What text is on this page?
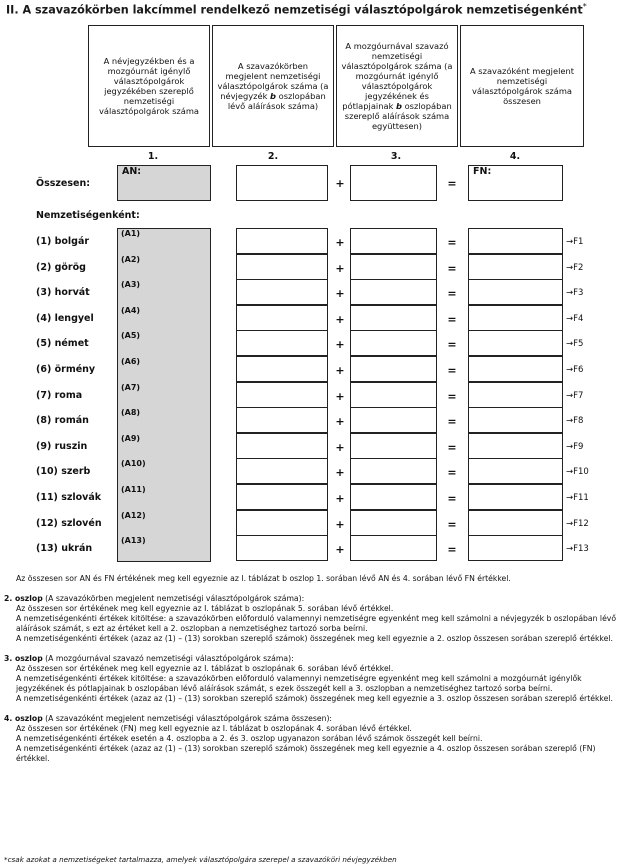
II. A szavazókörben lakcímmel rendelkező nemzetiségi választópolgárok nemzetiségenként*
A névjegyzékben és a mozgóurnát igénylő választópolgárok jegyzékében szereplő nemzetiségi választópolgárok száma
A szavazókörben megjelent nemzetiségi választópolgárok száma (a névjegyzék b oszlopában lévő aláírások száma)
A mozgóurnával szavazó nemzetiségi választópolgárok száma (a mozgóurnát igénylő választópolgárok jegyzékének és pótlapjainak b oszlopában szereplő aláírások száma együttesen)
A szavazóként megjelent nemzetiségi választópolgárok száma összesen
1.	2.	3.	4.
Összesen:
AN:
+	=
FN:
Nemzetiségenként:
(1) bolgár
(A1)
+	=	→F1
(2) görög
(A2)
+	=	→F2
(3) horvát
(A3)
+	=	→F3
(4) lengyel
(A4)
+	=	→F4
(5) német
(A5)
+	=	→F5
(6) örmény
(A6)
+	=	→F6
(7) roma
(A7)
+	=	→F7
(8) román
(A8)
+	=	→F8
(9) ruszin
(A9)
+	=	→F9
(10) szerb
(A10)
+	=	→F10
(11) szlovák
(A11)
+	=	→F11
(12) szlovén
(A12)
+	=	→F12
(13) ukrán
(A13)
+	=	→F13

Az összesen sor AN és FN értékének meg kell egyeznie az I. táblázat b oszlop 1. sorában lévő AN és 4. sorában lévő FN értékkel.

2. oszlop (A szavazókörben megjelent nemzetiségi választópolgárok száma):

Az összesen sor értékének meg kell egyeznie az I. táblázat b oszlopának 5. sorában lévő értékkel.

A nemzetiségenkénti értékek kitöltése: a szavazókörben előforduló valamennyi nemzetiségre egyenként meg kell számolni a névjegyzék b oszlopában lévő aláírások számát, s ezt az értéket kell a 2. oszlopban a nemzetiséghez tartozó sorba beírni.

A nemzetiségenkénti értékek (azaz az (1) – (13) sorokban szereplő számok) összegének meg kell egyeznie a 2. oszlop összesen sorában szereplő értékkel.

3. oszlop (A mozgóurnával szavazó nemzetiségi választópolgárok száma):

Az összesen sor értékének meg kell egyeznie az I. táblázat b oszlopának 6. sorában lévő értékkel.

A nemzetiségenkénti értékek kitöltése: a szavazókörben előforduló valamennyi nemzetiségre egyenként meg kell számolni a mozgóurnát igénylők jegyzékének és pótlapjainak b oszlopában lévő aláírások számát, s ezek összegét kell a 3. oszlopban a nemzetiséghez tartozó sorba beírni.

A nemzetiségenkénti értékek (azaz az (1) – (13) sorokban szereplő számok) összegének meg kell egyeznie a 3. oszlop összesen sorában szereplő értékkel.

4. oszlop (A szavazóként megjelent nemzetiségi választópolgárok száma összesen):

Az összesen sor értékének (FN) meg kell egyeznie az I. táblázat b oszlopának 4. sorában lévő értékkel.

A nemzetiségenkénti értékek esetén a 4. oszlopba a 2. és 3. oszlop ugyanazon sorában lévő számok összegét kell beírni.

A nemzetiségenkénti értékek (azaz az (1) – (13) sorokban szereplő számok) összegének meg kell egyeznie a 4. oszlop összesen sorában szereplő (FN) értékkel.

*csak azokat a nemzetiségeket tartalmazza, amelyek választópolgára szerepel a szavazóköri névjegyzékben
